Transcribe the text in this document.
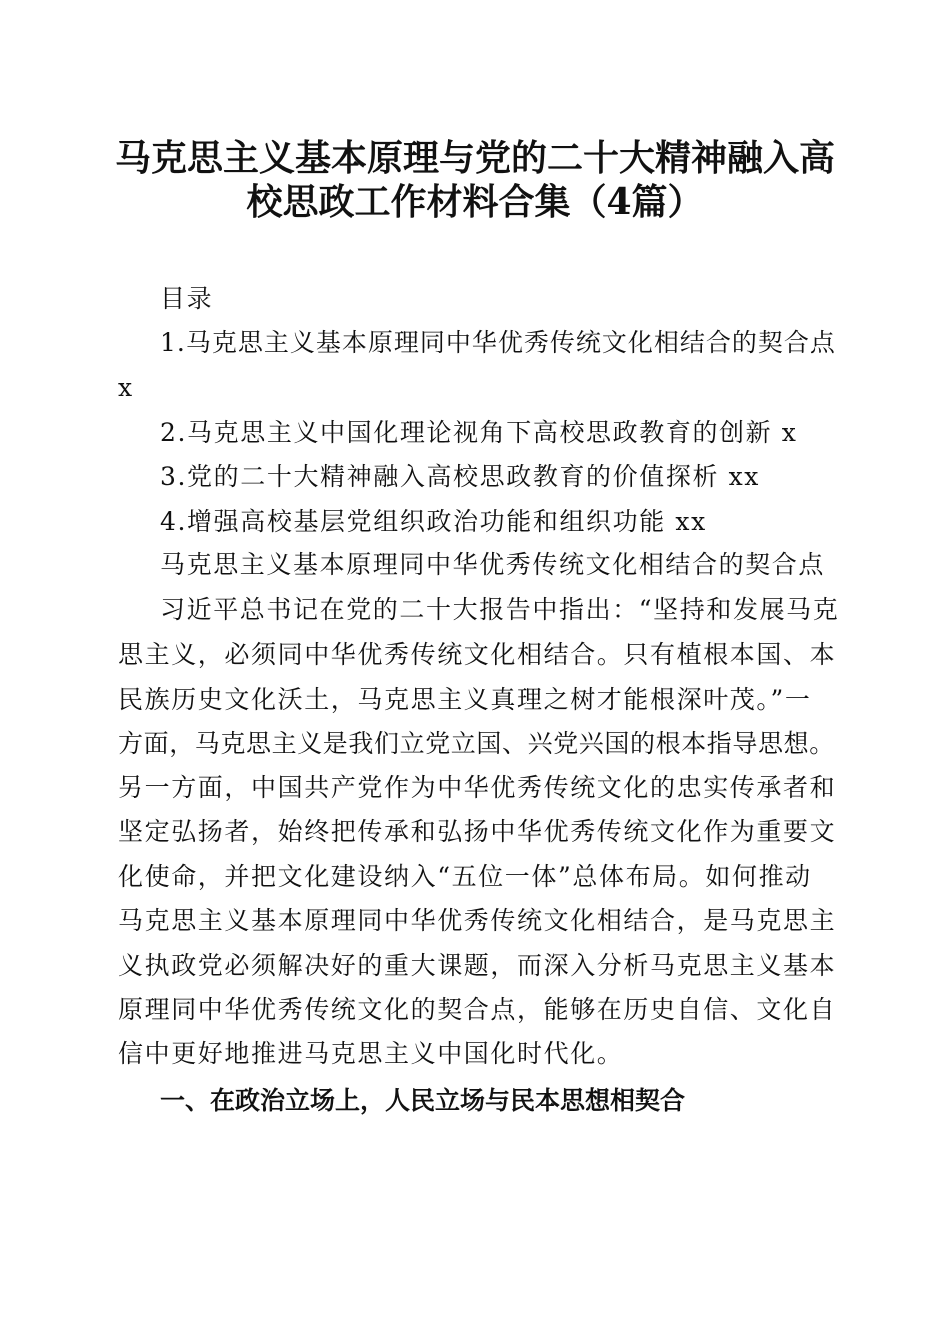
马克思主义基本原理与党的二十大精神融入高
校思政工作材料合集（4篇）
目录
1.马克思主义基本原理同中华优秀传统文化相结合的契合点
x
2.马克思主义中国化理论视角下高校思政教育的创新 x
3.党的二十大精神融入高校思政教育的价值探析 xx
4.增强高校基层党组织政治功能和组织功能 xx
马克思主义基本原理同中华优秀传统文化相结合的契合点
习近平总书记在党的二十大报告中指出：“坚持和发展马克
思主义，必须同中华优秀传统文化相结合。只有植根本国、本
民族历史文化沃土，马克思主义真理之树才能根深叶茂。”一
方面，马克思主义是我们立党立国、兴党兴国的根本指导思想。
另一方面，中国共产党作为中华优秀传统文化的忠实传承者和
坚定弘扬者，始终把传承和弘扬中华优秀传统文化作为重要文
化使命，并把文化建设纳入“五位一体”总体布局。如何推动
马克思主义基本原理同中华优秀传统文化相结合，是马克思主
义执政党必须解决好的重大课题，而深入分析马克思主义基本
原理同中华优秀传统文化的契合点，能够在历史自信、文化自
信中更好地推进马克思主义中国化时代化。
一、在政治立场上，人民立场与民本思想相契合
